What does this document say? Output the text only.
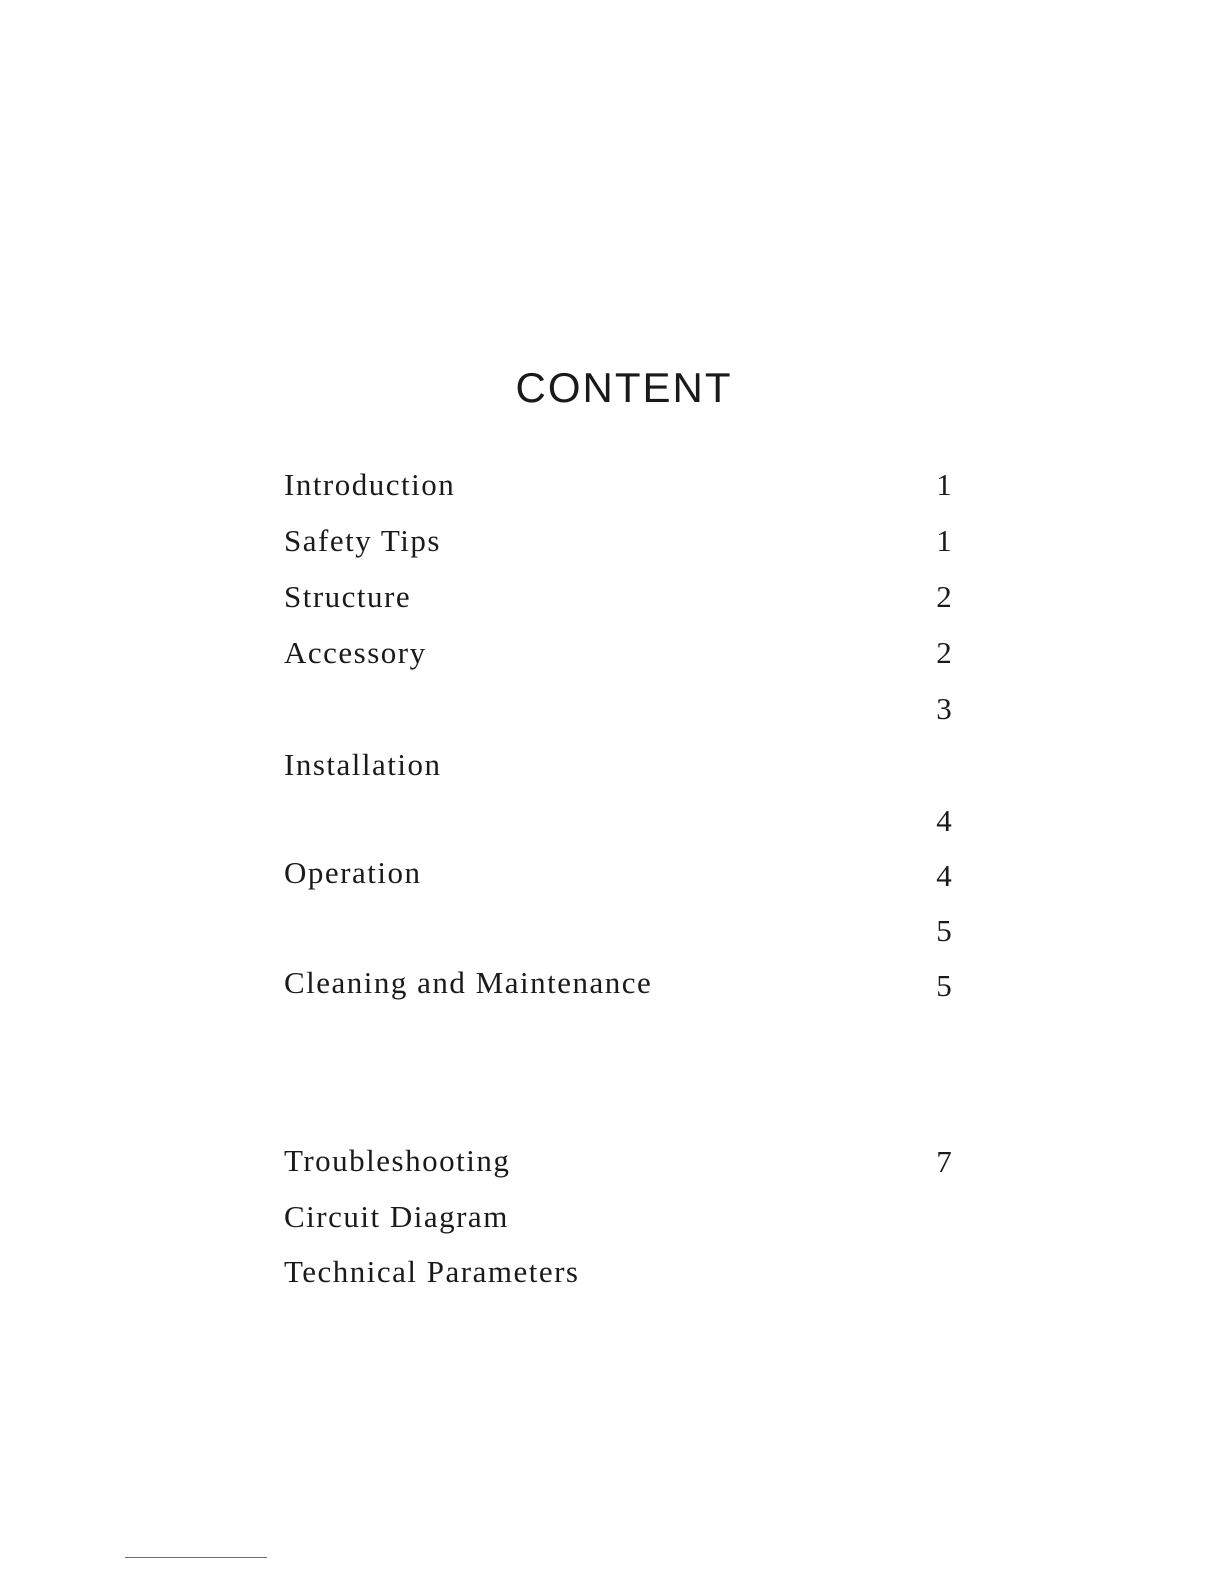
CONTENT
Introduction
Safety Tips
Structure
Accessory
Installation
Operation
Cleaning and Maintenance
Troubleshooting
Circuit Diagram
Technical Parameters
1
1
2
2
3
4
4
5
5
7
